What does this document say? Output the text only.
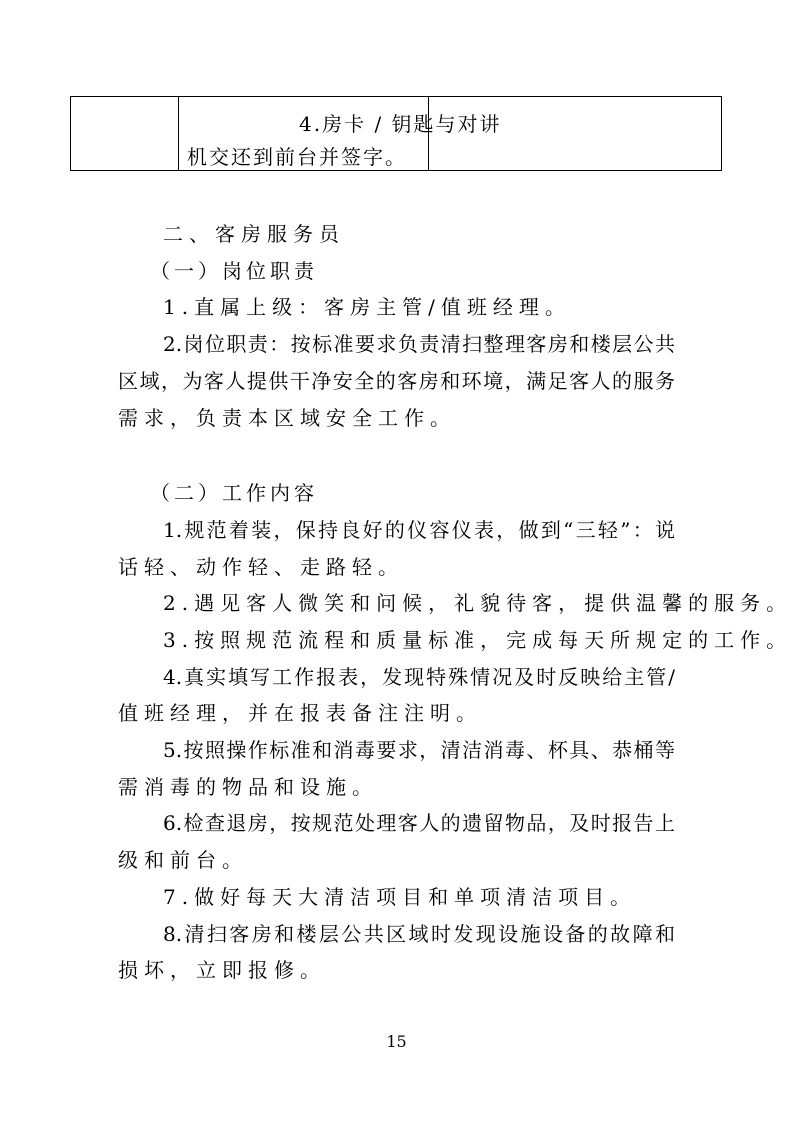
4.房卡 / 钥匙与对讲
机交还到前台并签字。
二、客房服务员
（一）岗位职责
1.直属上级：客房主管/值班经理。
2.岗位职责：按标准要求负责清扫整理客房和楼层公共
区域，为客人提供干净安全的客房和环境，满足客人的服务
需求，负责本区域安全工作。
（二）工作内容
1.规范着装，保持良好的仪容仪表，做到“三轻”：说
话轻、动作轻、走路轻。
2.遇见客人微笑和问候，礼貌待客，提供温馨的服务。
3.按照规范流程和质量标准，完成每天所规定的工作。
4.真实填写工作报表，发现特殊情况及时反映给主管/
值班经理，并在报表备注注明。
5.按照操作标准和消毒要求，清洁消毒、杯具、恭桶等
需消毒的物品和设施。
6.检查退房，按规范处理客人的遗留物品，及时报告上
级和前台。
7.做好每天大清洁项目和单项清洁项目。
8.清扫客房和楼层公共区域时发现设施设备的故障和
损坏，立即报修。
15
